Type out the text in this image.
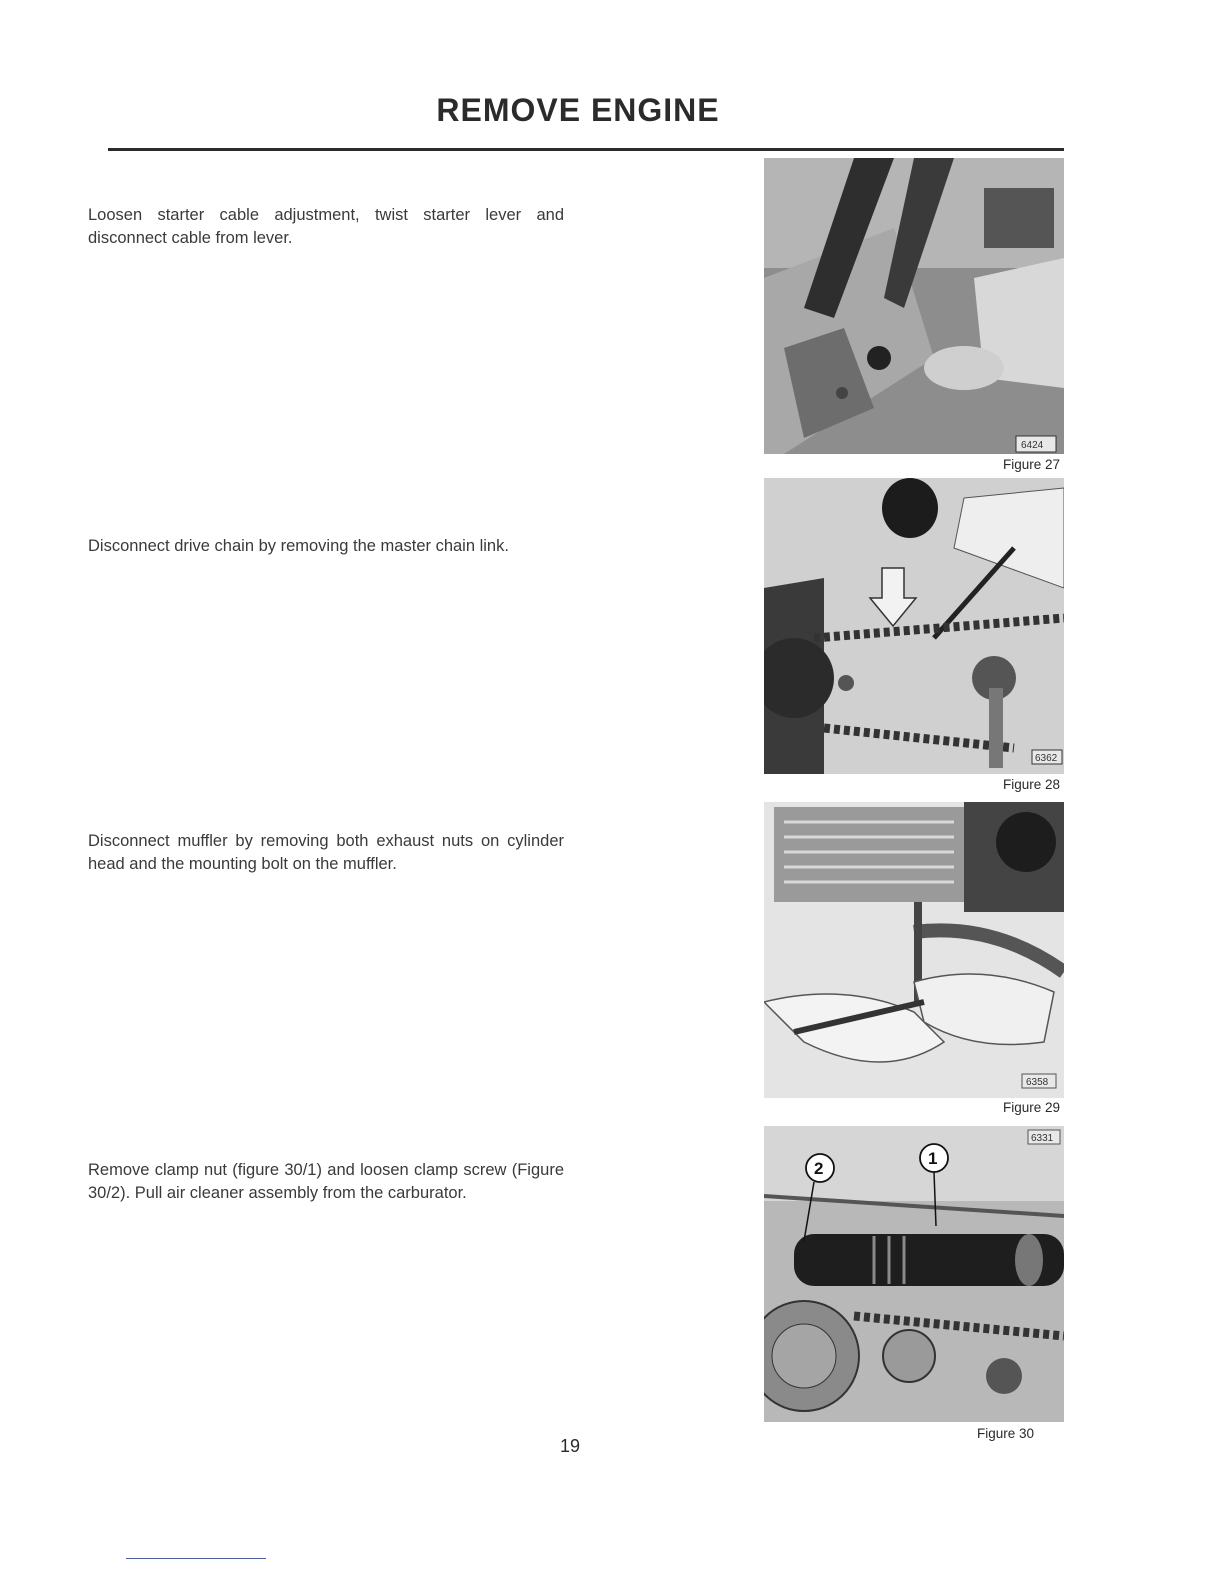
REMOVE ENGINE
Loosen starter cable adjustment, twist starter lever and disconnect cable from lever.
Disconnect drive chain by removing the master chain link.
Disconnect muffler by removing both exhaust nuts on cylinder head and the mounting bolt on the muffler.
Remove clamp nut (figure 30/1) and loosen clamp screw (Figure 30/2). Pull air cleaner assembly from the carburator.
6424
Figure 27
6362
Figure 28
6358
Figure 29
2
1
6331
Figure 30
19
